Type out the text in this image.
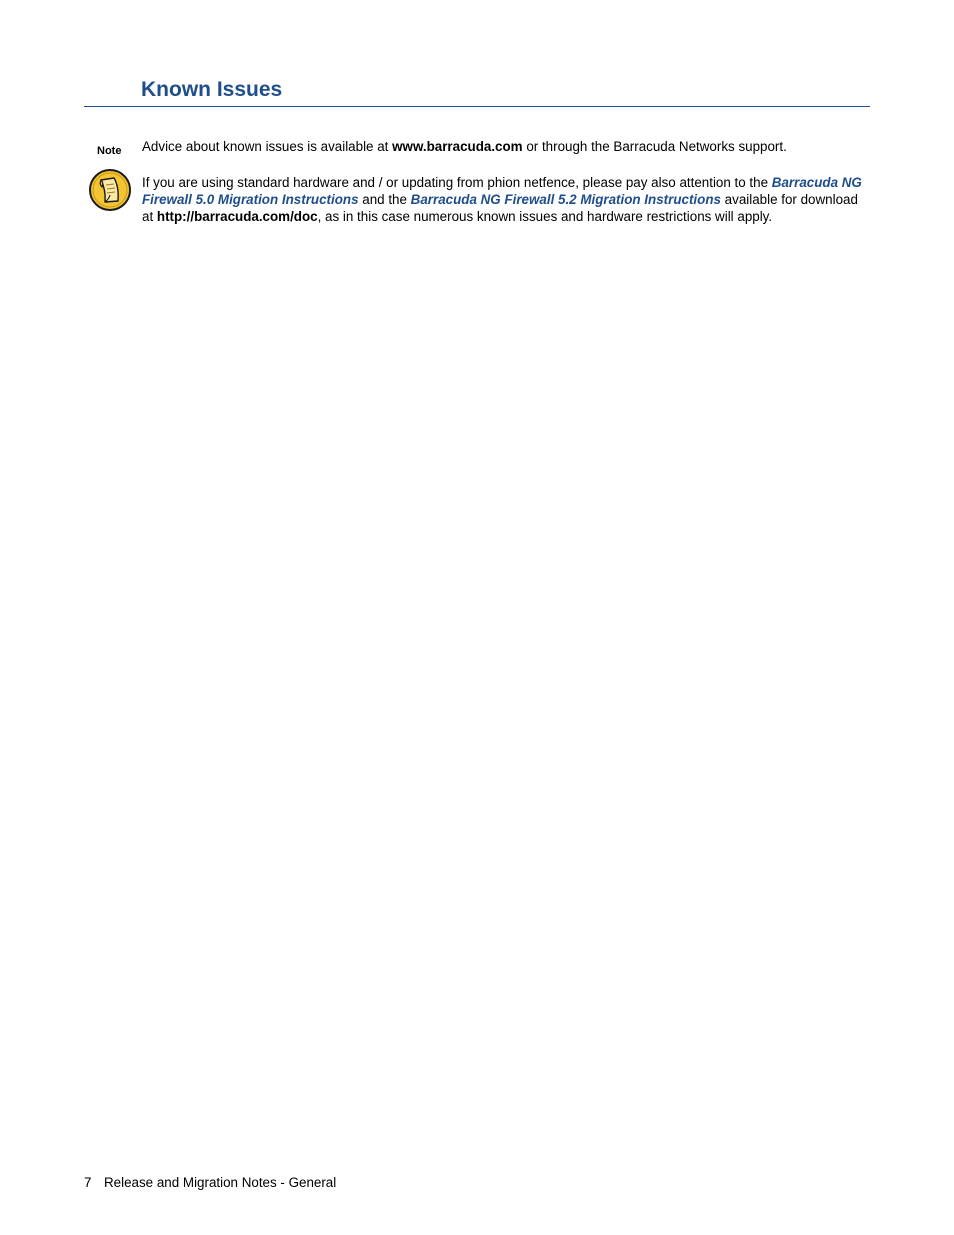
Known Issues
Note Advice about known issues is available at www.barracuda.com or through the Barracuda Networks support.

If you are using standard hardware and / or updating from phion netfence, please pay also attention to the Barracuda NG Firewall 5.0 Migration Instructions and the Barracuda NG Firewall 5.2 Migration Instructions available for download at http://barracuda.com/doc, as in this case numerous known issues and hardware restrictions will apply.

7 Release and Migration Notes - General
